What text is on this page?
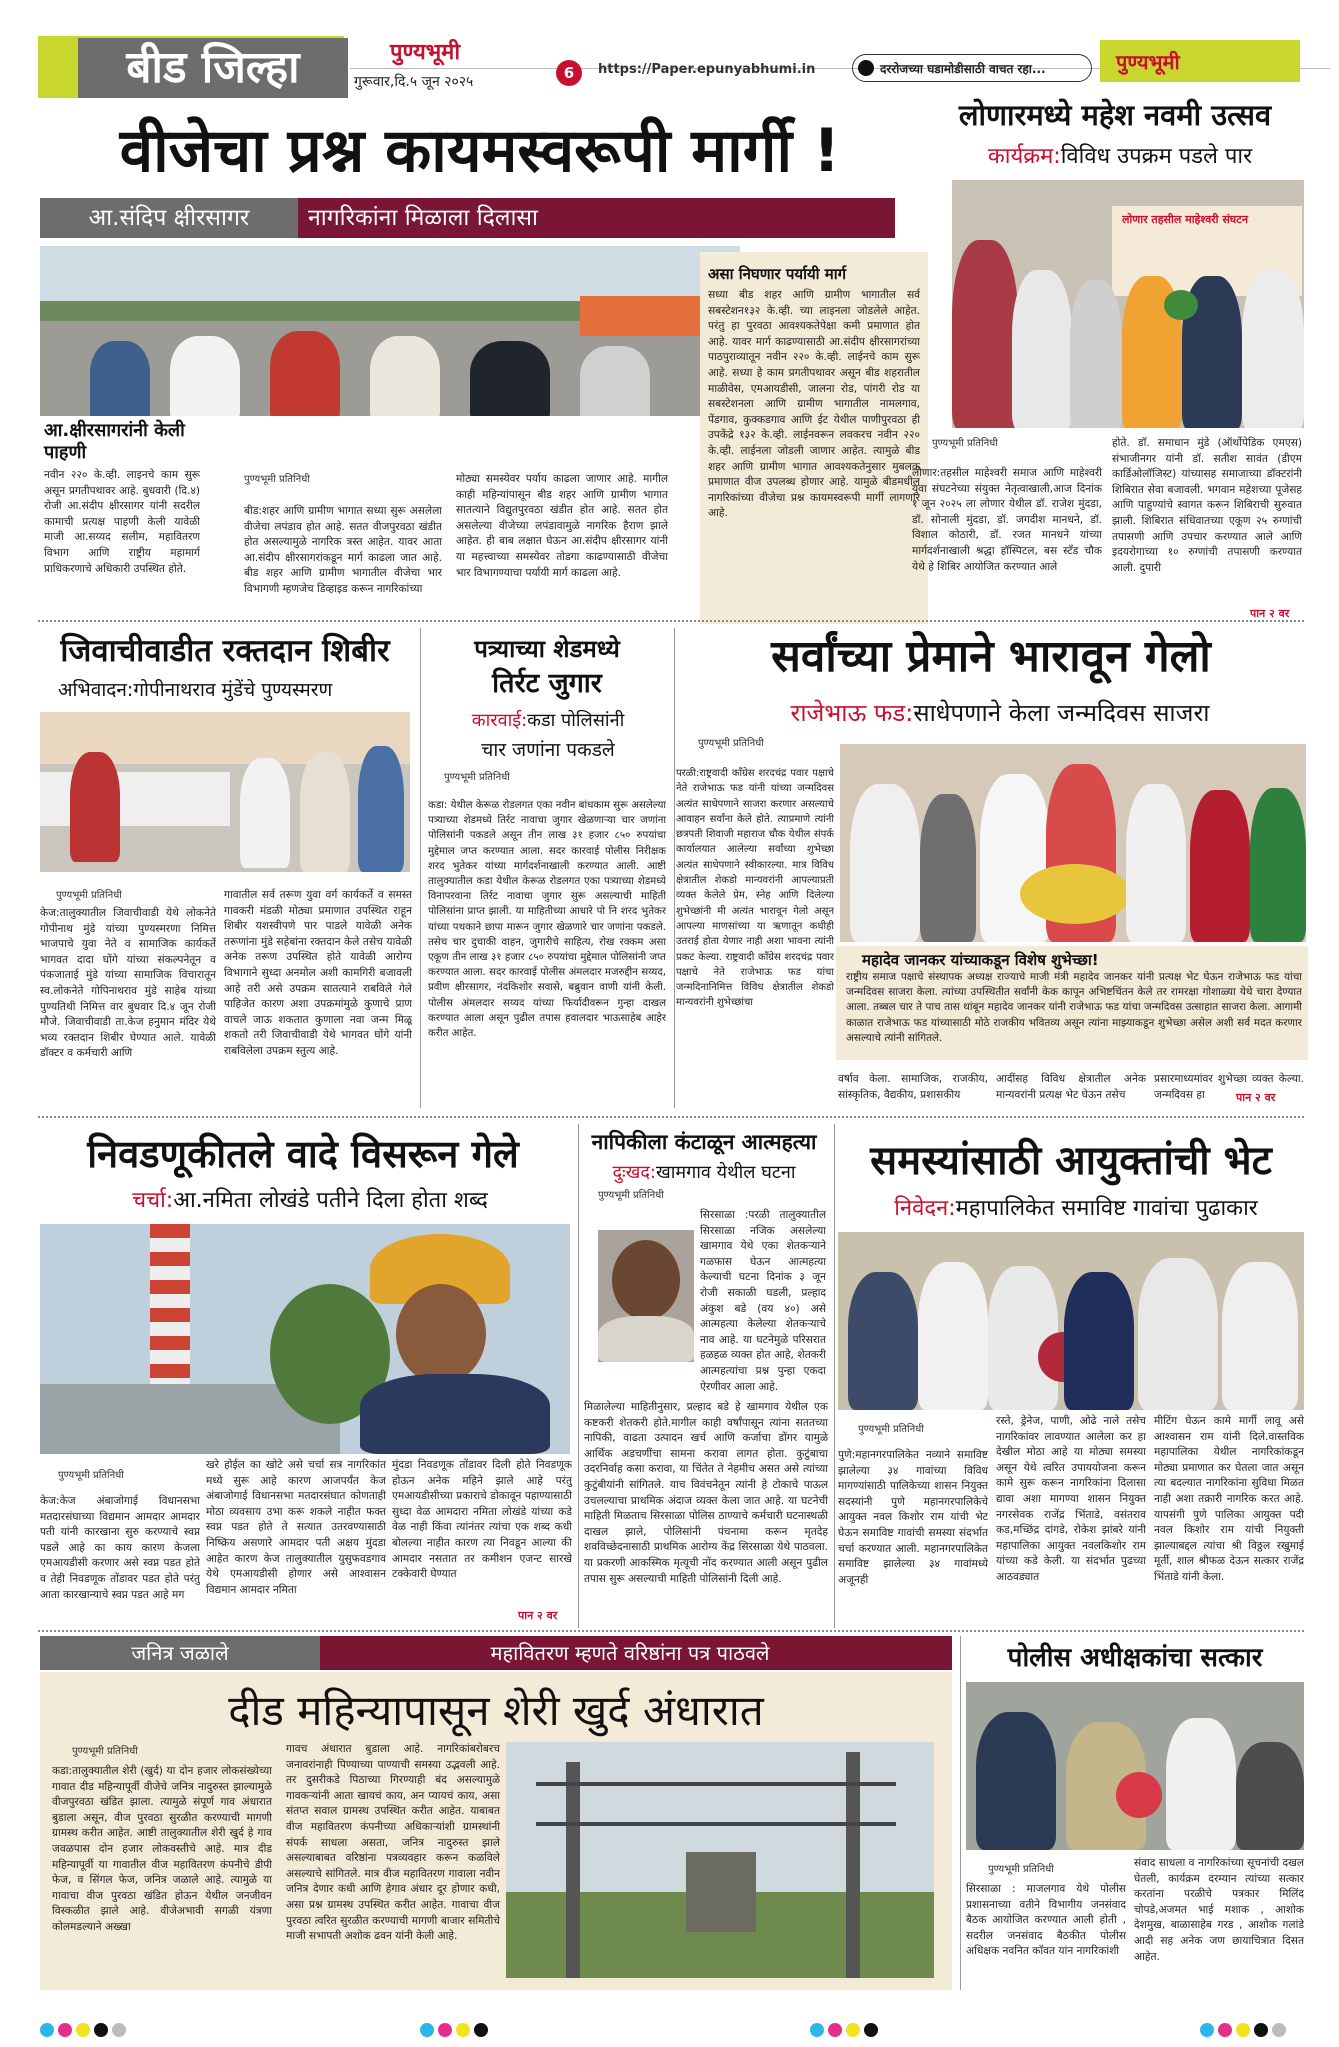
बीड जिल्हा	पुण्यभूमी
गुरूवार,दि.५ जून २०२५	6	https://Paper.epunyabhumi.in	दररोजच्या घडामोडीसाठी वाचत रहा...	पुण्यभूमी
वीजेचा प्रश्न कायमस्वरूपी मार्गी !
आ.संदिप क्षीरसागर	नागरिकांना मिळाला दिलासा
आ.क्षीरसागरांनी केली पाहणी
नवीन २२० के.व्ही. लाइनचे काम सुरू असून प्रगतीपथावर आहे. बुधवारी (दि.४) रोजी आ.संदीप क्षीरसागर यांनी सदरील कामाची प्रत्यक्ष पाहणी केली यावेळी माजी आ.सय्यद सलीम, महावितरण विभाग आणि राष्ट्रीय महामार्ग प्राधिकरणाचे अधिकारी उपस्थित होते.
पुण्यभूमी प्रतिनिधी
बीड:शहर आणि ग्रामीण भागात सध्या सुरू असलेला वीजेचा लपंडाव होत आहे. सतत वीजपुरवठा खंडीत होत असल्यामुळे नागरिक त्रस्त आहेत. यावर आता आ.संदीप क्षीरसागरांकडून मार्ग काढला जात आहे. बीड शहर आणि ग्रामीण भागातील वीजेचा भार विभागणी म्हणजेच डिव्हाइड करून नागरिकांच्या
मोठ्या समस्येवर पर्याय काढला जाणार आहे. मागील काही महिन्यांपासून बीड शहर आणि ग्रामीण भागात सातत्याने विद्युतपुरवठा खंडीत होत आहे. सतत होत असलेल्या वीजेच्या लपंडावामुळे नागरिक हैराण झाले आहेत. ही बाब लक्षात घेऊन आ.संदीप क्षीरसागर यांनी या महत्त्वाच्या समस्येवर तोडगा काढण्यासाठी वीजेचा भार विभागण्याचा पर्यायी मार्ग काढला आहे.
असा निघणार पर्यायी मार्ग
सध्या बीड शहर आणि ग्रामीण भागातील सर्व सबस्टेशन१३२ के.व्ही. च्या लाइनला जोडलेले आहेत. परंतु हा पुरवठा आवश्यकतेपेक्षा कमी प्रमाणात होत आहे. यावर मार्ग काढण्यासाठी आ.संदीप क्षीरसागरांच्या पाठपुराव्यातून नवीन २२० के.व्ही. लाईनचे काम सुरू आहे. सध्या हे काम प्रगतीपथावर असून बीड शहरातील माळीवेस, एमआयडीसी, जालना रोड, पांगरी रोड या सबस्टेशनला आणि ग्रामीण भागातील नामलगाव, पेंडगाव, कुक्कडगाव आणि ईट येथील पाणीपुरवठा ही उपकेंद्रे १३२ के.व्ही. लाईनवरून लवकरच नवीन २२० के.व्ही. लाईनला जोडली जाणार आहेत. त्यामुळे बीड शहर आणि ग्रामीण भागात आवश्यकतेनुसार मुबलक प्रमाणात वीज उपलब्ध होणार आहे. यामुळे बीडमधील नागरिकांच्या वीजेचा प्रश्न कायमस्वरूपी मार्गी लागणार आहे.
लोणारमध्ये महेश नवमी उत्सव
कार्यक्रम:विविध उपक्रम पडले पार
लोणार तहसील माहेश्वरी संघटन
पुण्यभूमी प्रतिनिधी
लोणार:तहसील माहेश्वरी समाज आणि माहेश्वरी युवा संघटनेच्या संयुक्त नेतृत्वाखाली,आज दिनांक १ जून २०२५ ला लोणार येथील डॉ. राजेश मुंदडा, डॉ. सोनाली मुंदडा, डॉ. जगदीश मानधने, डॉ. विशाल कोठारी, डॉ. रजत मानधने यांच्या मार्गदर्शनाखाली श्रद्धा हॉस्पिटल, बस स्टँड चौक येथे हे शिबिर आयोजित करण्यात आले
होते. डॉ. समाधान मुंडे (ऑर्थोपेडिक एमएस) संभाजीनगर यांनी डॉ. सतीश सावंत (डीएम कार्डिओलॉजिस्ट) यांच्यासह समाजाच्या डॉक्टरांनी शिबिरात सेवा बजावली. भगवान महेशच्या पूजेसह आणि पाहुण्यांचे स्वागत करून शिबिराची सुरुवात झाली. शिबिरात संधिवातच्या एकूण २५ रुग्णांची तपासणी आणि उपचार करण्यात आले आणि इदयरोगाच्या १० रुग्णांची तपासणी करण्यात आली. दुपारी
पान २ वर
जिवाचीवाडीत रक्तदान शिबीर
अभिवादन:गोपीनाथराव मुंडेंचे पुण्यस्मरण
पुण्यभूमी प्रतिनिधी
केज:तालुक्यातील जिवाचीवाडी येथे लोकनेते गोपीनाथ मुंडे यांच्या पुण्यस्मरणा निमित्त भाजपाचे युवा नेते व सामाजिक कार्यकर्ते भागवत दादा घोंगे यांच्या संकल्पनेतून व पंकजाताई मुंडे यांच्या सामाजिक विचारातून स्व.लोकनेते गोपिनाथराव मुंडे साहेब यांच्या पुण्यतिथी निमित्त वार बुधवार दि.४ जून रोजी मौजे. जिवाचीवाडी ता.केज हनुमान मंदिर येथे भव्य रक्तदान शिबीर घेण्यात आले. यावेळी डॉक्टर व कर्मचारी आणि
गावातील सर्व तरूण युवा वर्ग कार्यकर्ते व समस्त गावकरी मंडळी मोठ्या प्रमाणात उपस्थित राहून शिबीर यशस्वीपणे पार पाडले यावेळी अनेक तरूणांना मुंडे सहेबांना रक्तदान केले तसेच यावेळी अनेक तरूण उपस्थित होते यावेळी आरोग्य विभागाने सुध्दा अनमोल अशी कामगिरी बजावली आहे तरी असे उपक्रम सातत्याने राबविले गेले पाहिजेत कारण अशा उपक्रमांमुळे कुणाचे प्राण वाचले जाऊ शकतात कुणाला नवा जन्म मिळू शकतो तरी जिवाचीवाडी येथे भागवत घोंगे यांनी राबविलेला उपक्रम स्तुत्य आहे.
पत्र्याच्या शेडमध्ये
तिर्रट जुगार
कारवाई:कडा पोलिसांनी
चार जणांना पकडले
पुण्यभूमी प्रतिनिधी
कडा: येथील केरूळ रोडलगत एका नवीन बांधकाम सुरू असलेल्या पत्र्याच्या शेडमध्ये तिर्रट नावाचा जुगार खेळणाऱ्या चार जणांना पोलिसांनी पकडले असून तीन लाख ३१ हजार ८५० रुपयांचा मुद्देमाल जप्त करण्यात आला. सदर कारवाई पोलीस निरीक्षक शरद भुतेकर यांच्या मार्गदर्शनाखाली करण्यात आली. आष्टी तालुक्यातील कडा येथील केरूळ रोडलगत एका पत्र्याच्या शेडमध्ये विनापरवाना तिर्रट नावाचा जुगार सुरू असल्याची माहिती पोलिसांना प्राप्त झाली. या माहितीच्या आधारे पो नि शरद भुतेकर यांच्या पथकाने छापा मारून जुगार खेळणारे चार जणांना पकडले. तसेच चार दुचाकी वाहन, जुगारीचे साहित्य, रोख रक्कम असा एकूण तीन लाख ३१ हजार ८५० रुपयांचा मुद्देमाल पोलिसांनी जप्त करण्यात आला. सदर कारवाई पोलीस अंमलदार मजरुद्दीन सय्यद, प्रवीण क्षीरसागर, नंदकिशोर सवासे, बब्रुवान वाणी यांनी केली. पोलीस अंमलदार सय्यद यांच्या फिर्यादीवरून गुन्हा दाखल करण्यात आला असून पुढील तपास हवालदार भाऊसाहेब आहेर करीत आहेत.
सर्वांच्या प्रेमाने भारावून गेलो
राजेभाऊ फड:साधेपणाने केला जन्मदिवस साजरा
पुण्यभूमी प्रतिनिधी
परळी:राष्ट्रवादी काँग्रेस शरदचंद्र पवार पक्षाचे नेते राजेभाऊ फड यांनी यांच्या जन्मदिवस अत्यंत साधेपणाने साजरा करणार असल्याचे आवाहन सर्वांना केले होते. त्याप्रमाणे त्यांनी छत्रपती शिवाजी महाराज चौक येथील संपर्क कार्यालयात आलेल्या सर्वांच्या शुभेच्छा अत्यंत साधेपणाने स्वीकारल्या. मात्र विविध क्षेत्रातील शेकडो मान्यवरांनी आपल्याप्रती व्यक्त केलेले प्रेम, स्नेह आणि दिलेल्या शुभेच्छांनी मी अत्यंत भारावून गेलो असून आपल्या माणसांच्या या ऋणातून कधीही उतराई होता येणार नाही अशा भावना त्यांनी प्रकट केल्या. राष्ट्रवादी काँग्रेस शरदचंद्र पवार पक्षाचे नेते राजेभाऊ फड यांचा जन्मदिनानिमित्त विविध क्षेत्रातील शेकडो मान्यवरांनी शुभेच्छांचा
महादेव जानकर यांच्याकडून विशेष शुभेच्छा!
राष्ट्रीय समाज पक्षाचे संस्थापक अध्यक्ष राज्याचे माजी मंत्री महादेव जानकर यांनी प्रत्यक्ष भेट घेऊन राजेभाऊ फड यांचा जन्मदिवस साजरा केला. त्यांच्या उपस्थितीत सर्वांनी केक कापून अभिष्टचिंतन केले तर रामरक्षा गोशाळ्या येथे चारा देण्यात आला. तब्बल चार ते पाच तास थांबून महादेव जानकर यांनी राजेभाऊ फड यांचा जन्मदिवस उत्साहात साजरा केला. आगामी काळात राजेभाऊ फड यांच्यासाठी मोठे राजकीय भवितव्य असून त्यांना माझ्याकडून शुभेच्छा असेल अशी सर्व मदत करणार असल्याचे त्यांनी सांगितले.
वर्षाव केला. सामाजिक, राजकीय, सांस्कृतिक, वैद्यकीय, प्रशासकीय
आदींसह विविध क्षेत्रातील अनेक मान्यवरांनी प्रत्यक्ष भेट घेऊन तसेच
प्रसारमाध्यमांवर शुभेच्छा व्यक्त केल्या. जन्मदिवस हा	पान २ वर
निवडणूकीतले वादे विसरून गेले
चर्चा:आ.नमिता लोखंडे पतीने दिला होता शब्द
पुण्यभूमी प्रतिनिधी
केज:केज अंबाजोगाई विधानसभा मतदारसंघाच्या विद्यमान आमदार आमदार पती यांनी कारखाना सुरु करण्याचे स्वप्न पडले आहे का काय कारण केजला एमआयडीसी करणार असे स्वप्न पडत होते व तेही निवडणूक तोंडावर पडत होते परंतु आता कारखान्याचे स्वप्न पडत आहे मग
खरे होईल का खोटे असे चर्चा सत्र नागरिकांत मध्ये सुरू आहे कारण आजपर्यंत केज अंबाजोगाई विधानसभा मतदारसंघात कोणताही मोठा व्यवसाय उभा करू शकले नाहीत फक्त स्वप्न पडत होते ते सत्यात उतरवण्यासाठी निष्क्रिय असणारे आमदार पती अक्षय मुंदडा आहेत कारण केज तालुक्यातील युसुफवडगाव येथे एमआयडीसी होणार असे आश्वासन विद्यमान आमदार नमिता
मुंदडा निवडणूक तोंडावर दिली होते निवडणूक होऊन अनेक महिने झाले आहे परंतु एमआयडीसीच्या प्रकाराचे डोकावून पहाण्यासाठी सुध्दा वेळ आमदारा नमिता लोखंडे यांच्या कडे वेळ नाही किंवा त्यांनंतर त्यांचा एक शब्द कधी बोलल्या नाहीत कारण त्या निवडून आल्या की आमदार नसतात तर कमीशन एजन्ट सारखे टक्केवारी घेण्यात
पान २ वर
नापिकीला कंटाळून आत्महत्या
दुःखद:खामगाव येथील घटना
पुण्यभूमी प्रतिनिधी
सिरसाळा :परळी तालुक्यातील सिरसाळा नजिक असलेल्या खामगाव येथे एका शेतकऱ्याने गळफास घेऊन आत्महत्या केल्याची घटना दिनांक ३ जून रोजी सकाळी घडली, प्रल्हाद अंकुश बडे (वय ४०) असे आत्महत्या केलेल्या शेतकऱ्याचे नाव आहे. या घटनेमुळे परिसरात हळहळ व्यक्त होत आहे, शेतकरी आत्महत्यांचा प्रश्न पुन्हा एकदा ऐरणीवर आला आहे.
मिळालेल्या माहितीनुसार, प्रल्हाद बडे हे खामगाव येथील एक कष्टकरी शेतकरी होते.मागील काही वर्षांपासून त्यांना सततच्या नापिकी, वाढता उत्पादन खर्च आणि कर्जाचा डोंगर यामुळे आर्थिक अडचणींचा सामना करावा लागत होता. कुटुंबाचा उदरनिर्वाह कसा करावा, या चिंतेत ते नेहमीच असत असे त्यांच्या कुटुंबीयांनी सांगितले. याच विवंचनेतून त्यांनी हे टोकाचे पाऊल उचलल्याचा प्राथमिक अंदाज व्यक्त केला जात आहे. या घटनेची माहिती मिळताच सिरसाळा पोलिस ठाण्याचे कर्मचारी घटनास्थळी दाखल झाले, पोलिसांनी पंचनामा करून मृतदेह शवविच्छेदनासाठी प्राथमिक आरोग्य केंद्र सिरसाळा येथे पाठवला. या प्रकरणी आकस्मिक मृत्यूची नोंद करण्यात आली असून पुढील तपास सुरू असल्याची माहिती पोलिसांनी दिली आहे.
समस्यांसाठी आयुक्तांची भेट
निवेदन:महापालिकेत समाविष्ट गावांचा पुढाकार
पुण्यभूमी प्रतिनिधी
पुणे:महानगरपालिकेत नव्याने समाविष्ट झालेल्या ३४ गावांच्या विविध मागण्यांसाठी पालिकेच्या शासन नियुक्त सदस्यांनी पुणे महानगरपालिकेचे आयुक्त नवल किशोर राम यांची भेट घेऊन समाविष्ट गावांची समस्या संदर्भात चर्चा करण्यात आली. महानगरपालिकेत समाविष्ट झालेल्या ३४ गावांमध्ये अजूनही
रस्ते, ड्रेनेज, पाणी, ओढे नाले तसेच नागरिकांवर लावण्यात आलेला कर हा देखील मोठा आहे या मोठ्या समस्या असून येथे त्वरित उपाययोजना करून कामे सुरू करून नागरिकांना दिलासा द्यावा अशा मागण्या शासन नियुक्त नगरसेवक राजेंद्र भिंताडे, वसंतराव कड,मच्छिंद्र दांगडे, रोकेश झांबरे यांनी महापालिका आयुक्त नवलकिशोर राम यांच्या कडे केली. या संदर्भात पुढच्या आठवड्यात
मीटिंग घेऊन कामे मार्गी लावू असे आश्वासन राम यांनी दिले.वास्तविक महापालिका येथील नागरिकांकडून मोठ्या प्रमाणात कर घेतला जात असून त्या बदल्यात नागरिकांना सुविधा मिळत नाही अशा तक्रारी नागरिक करत आहे. यापसंगी पुणे पालिका आयुक्त पदी नवल किशोर राम यांची नियुक्ती झाल्याबद्दल त्यांचा श्री विठ्ठल रखुमाई मूर्ती, शाल श्रीफळ देऊन सत्कार राजेंद्र भिंताडे यांनी केला.
जनित्र जळाले	महावितरण म्हणते वरिष्ठांना पत्र पाठवले
दीड महिन्यापासून शेरी खुर्द अंधारात
पुण्यभूमी प्रतिनिधी
कडा:तालुक्यातील शेरी (खुर्द) या दोन हजार लोकसंख्येच्या गावात दीड महिन्यापूर्वी वीजेचे जनित्र नादुरुस्त झाल्यामुळे वीजपुरवठा खंडित झाला. त्यामुळे संपूर्ण गाव अंधारात बुडाला असून, वीज पुरवठा सुरळीत करण्याची मागणी ग्रामस्थ करीत आहेत. आष्टी तालुक्यातील शेरी खुर्द हे गाव जवळपास दोन हजार लोकवस्तीचे आहे. मात्र दीड महिन्यापूर्वी या गावातील वीज महावितरण कंपनीचे डीपी फेज, व सिंगल फेज, जनित्र जळाले आहे. त्यामुळे या गावाचा वीज पुरवठा खंडित होऊन येथील जनजीवन विस्कळीत झाले आहे. वीजेअभावी सगळी यंत्रणा कोलमडल्याने अख्खा
गावच अंधारात बुडाला आहे. नागरिकांबरोबरच जनावरांनाही पिण्याच्या पाण्याची समस्या उद्भवली आहे. तर दुसरीकडे पिठाच्या गिरण्याही बंद असल्यामुळे गावकऱ्यांनी आता खायचं काय, अन प्यायचं काय, असा संतप्त सवाल ग्रामस्थ उपस्थित करीत आहेत. याबाबत वीज महावितरण कंपनीच्या अधिकाऱ्यांशी ग्रामस्थांनी संपर्क साधला असता, जनित्र नादुरुस्त झाले असल्याबाबत वरिष्ठांना पत्रव्यवहार करून कळविले असल्याचे सांगितले. मात्र वीज महावितरण गावाला नवीन जनित्र देणार कधी आणि हेगाव अंधार दूर होणार कधी, असा प्रश्न ग्रामस्थ उपस्थित करीत आहेत. गावाचा वीज पुरवठा त्वरित सुरळीत करण्याची मागणी बाजार समितीचे माजी सभापती अशोक ढवन यांनी केली आहे.
पोलीस अधीक्षकांचा सत्कार
पुण्यभूमी प्रतिनिधी
सिरसाळा : माजलगाव येथे पोलीस प्रशासनाच्या वतीने विभागीय जनसंवाद बैठक आयोजित करण्यात आली होती , सदरील जनसंवाद बैठकीत पोलीस अधिक्षक नवनित कॉवत यांन नागरिकांशी
संवाद साधला व नागरिकांच्या सूचनांची दखल घेतली, कार्यक्रम दरम्यान त्यांच्या सत्कार करतांना परळीचे पत्रकार मिलिंद चोपडे,अजमत भाई मशाक , आशोक देशमुख, बाळासाहेब गरड , आशोक गलांडे आदी सह अनेक जण छायाचित्रात दिसत आहेत.
